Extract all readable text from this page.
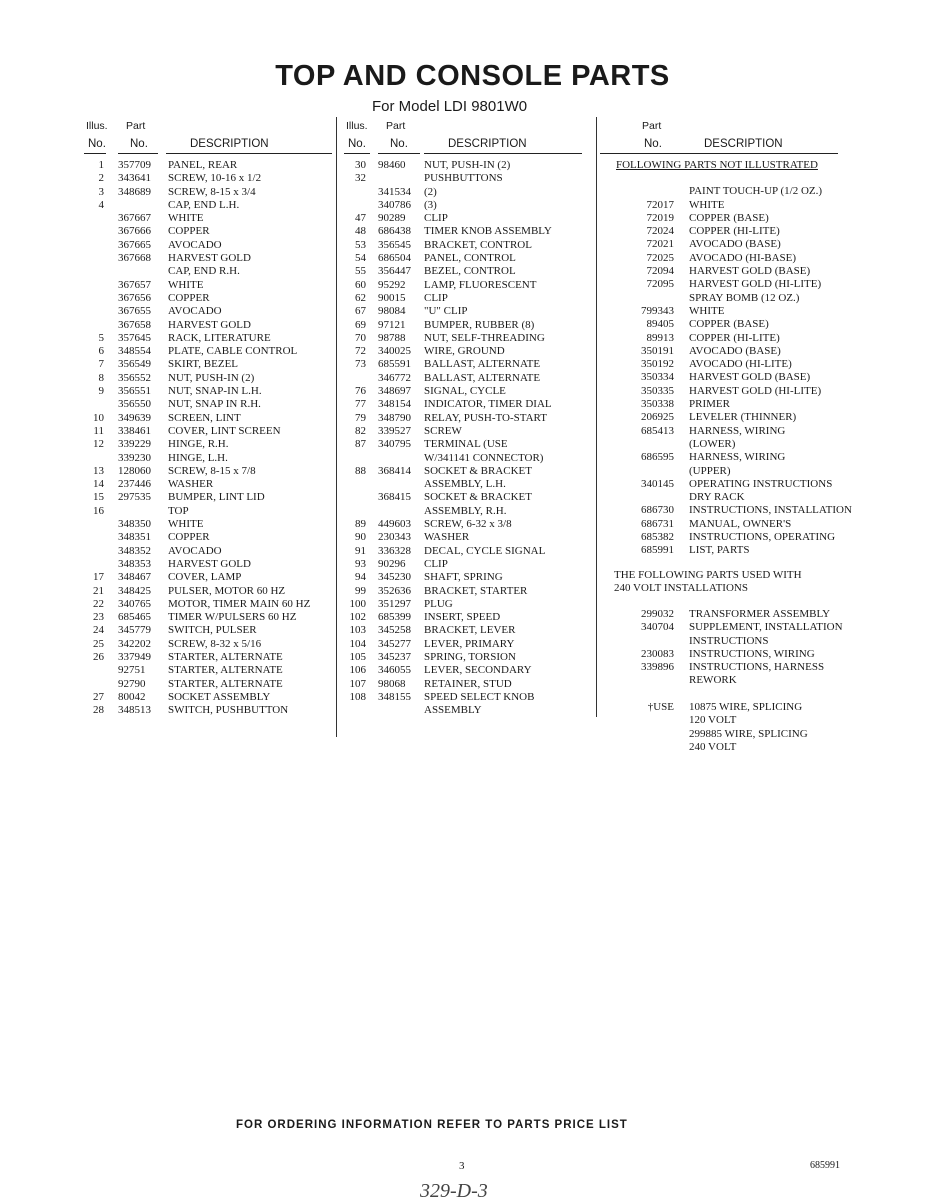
TOP AND CONSOLE PARTS
For Model LDI 9801W0
Illus. Part
No. No.	DESCRIPTION
1 357709 PANEL, REAR
2 343641 SCREW, 10-16 x 1/2
3 348689 SCREW, 8-15 x 3/4
4	CAP, END L.H.
367667 WHITE
367666 COPPER
367665 AVOCADO
367668 HARVEST GOLD
CAP, END R.H.
367657 WHITE
367656 COPPER
367655 AVOCADO
367658 HARVEST GOLD
5 357645 RACK, LITERATURE
6 348554 PLATE, CABLE CONTROL
7 356549 SKIRT, BEZEL
8 356552 NUT, PUSH-IN (2)
9 356551 NUT, SNAP-IN L.H.
356550 NUT, SNAP IN R.H.
10 349639 SCREEN, LINT
11 338461 COVER, LINT SCREEN
12 339229 HINGE, R.H.
339230 HINGE, L.H.
13 128060 SCREW, 8-15 x 7/8
14 237446 WASHER
15 297535 BUMPER, LINT LID
16	TOP
348350 WHITE
348351 COPPER
348352 AVOCADO
348353 HARVEST GOLD
17 348467 COVER, LAMP
21 348425 PULSER, MOTOR 60 HZ
22 340765 MOTOR, TIMER MAIN 60 HZ
23 685465 TIMER W/PULSERS 60 HZ
24 345779 SWITCH, PULSER
25 342202 SCREW, 8-32 x 5/16
26 337949 STARTER, ALTERNATE
92751 STARTER, ALTERNATE
92790 STARTER, ALTERNATE
27 80042 SOCKET ASSEMBLY
28 348513 SWITCH, PUSHBUTTON
Illus. Part
No. No.	DESCRIPTION
30 98460 NUT, PUSH-IN (2)
32	PUSHBUTTONS
341534 (2)
340786 (3)
47 90289 CLIP
48 686438 TIMER KNOB ASSEMBLY
53 356545 BRACKET, CONTROL
54 686504 PANEL, CONTROL
55 356447 BEZEL, CONTROL
60 95292 LAMP, FLUORESCENT
62 90015 CLIP
67 98084 "U" CLIP
69 97121 BUMPER, RUBBER (8)
70 98788 NUT, SELF-THREADING
72 340025 WIRE, GROUND
73 685591 BALLAST, ALTERNATE
346772 BALLAST, ALTERNATE
76 348697 SIGNAL, CYCLE
77 348154 INDICATOR, TIMER DIAL
79 348790 RELAY, PUSH-TO-START
82 339527 SCREW
87 340795 TERMINAL (USE
W/341141 CONNECTOR)
88 368414 SOCKET & BRACKET
ASSEMBLY, L.H.
368415 SOCKET & BRACKET
ASSEMBLY, R.H.
89 449603 SCREW, 6-32 x 3/8
90 230343 WASHER
91 336328 DECAL, CYCLE SIGNAL
93 90296 CLIP
94 345230 SHAFT, SPRING
99 352636 BRACKET, STARTER
100 351297 PLUG
102 685399 INSERT, SPEED
103 345258 BRACKET, LEVER
104 345277 LEVER, PRIMARY
105 345237 SPRING, TORSION
106 346055 LEVER, SECONDARY
107 98068 RETAINER, STUD
108 348155 SPEED SELECT KNOB
ASSEMBLY
Part
No.	DESCRIPTION
FOLLOWING PARTS NOT ILLUSTRATED
PAINT TOUCH-UP (1/2 OZ.)
72017 WHITE
72019 COPPER (BASE)
72024 COPPER (HI-LITE)
72021 AVOCADO (BASE)
72025 AVOCADO (HI-BASE)
72094 HARVEST GOLD (BASE)
72095 HARVEST GOLD (HI-LITE)
SPRAY BOMB (12 OZ.)
799343 WHITE
89405 COPPER (BASE)
89913 COPPER (HI-LITE)
350191 AVOCADO (BASE)
350192 AVOCADO (HI-LITE)
350334 HARVEST GOLD (BASE)
350335 HARVEST GOLD (HI-LITE)
350338 PRIMER
206925 LEVELER (THINNER)
685413 HARNESS, WIRING
(LOWER)
686595 HARNESS, WIRING
(UPPER)
340145 OPERATING INSTRUCTIONS
DRY RACK
686730 INSTRUCTIONS, INSTALLATION
686731 MANUAL, OWNER'S
685382 INSTRUCTIONS, OPERATING
685991 LIST, PARTS
THE FOLLOWING PARTS USED WITH
240 VOLT INSTALLATIONS
299032 TRANSFORMER ASSEMBLY
340704 SUPPLEMENT, INSTALLATION
INSTRUCTIONS
230083 INSTRUCTIONS, WIRING
339896 INSTRUCTIONS, HARNESS
REWORK
†USE 10875 WIRE, SPLICING
120 VOLT
299885 WIRE, SPLICING
240 VOLT
FOR ORDERING INFORMATION REFER TO PARTS PRICE LIST
3	685991
329-D-3
